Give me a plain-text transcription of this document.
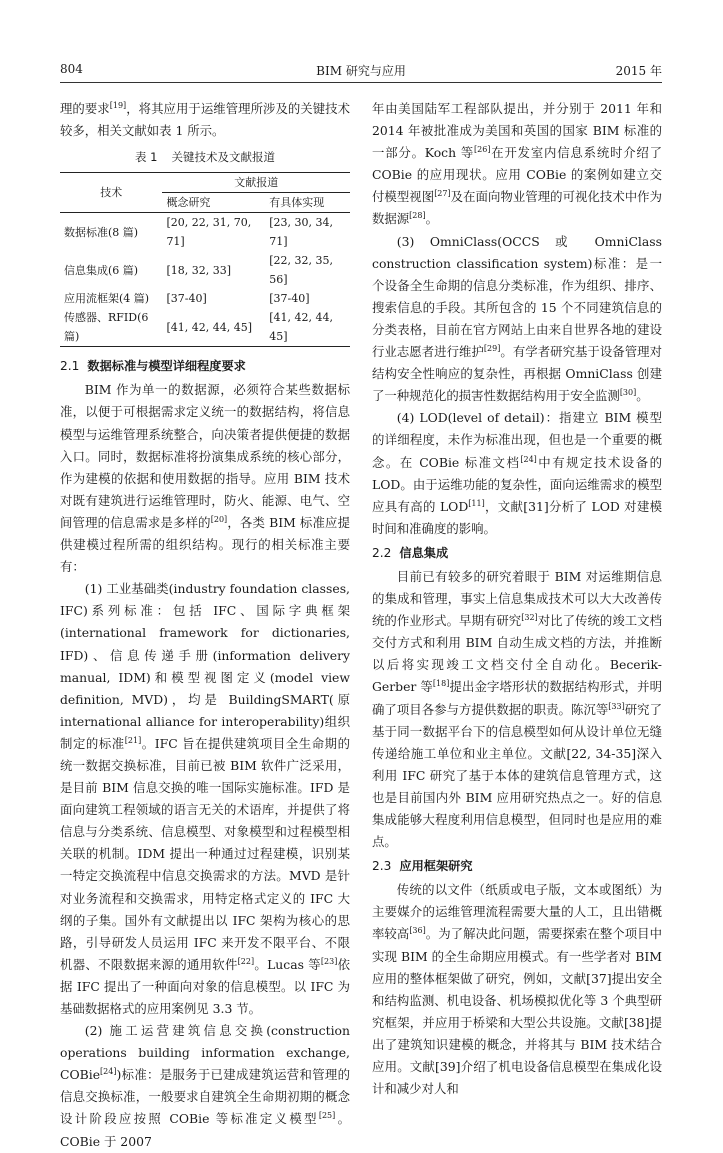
804	BIM 研究与应用	2015 年

理的要求[19]，将其应用于运维管理所涉及的关键技术较多，相关文献如表 1 所示。

表 1 关键技术及文献报道
技术	文献报道	
	概念研究	有具体实现
数据标准(8 篇)	[20, 22, 31, 70, 71]	[23, 30, 34, 71]
信息集成(6 篇)	[18, 32, 33]	[22, 32, 35, 56]
应用流框架(4 篇)	[37-40]	[37-40]
传感器、RFID(6 篇)	[41, 42, 44, 45]	[41, 42, 44, 45]
2.1 数据标准与模型详细程度要求

BIM 作为单一的数据源，必须符合某些数据标准，以便于可根据需求定义统一的数据结构，将信息模型与运维管理系统整合，向决策者提供便捷的数据入口。同时，数据标准将扮演集成系统的核心部分，作为建模的依据和使用数据的指导。应用 BIM 技术对既有建筑进行运维管理时，防火、能源、电气、空间管理的信息需求是多样的[20]，各类 BIM 标准应提供建模过程所需的组织结构。现行的相关标准主要有：

(1) 工业基础类(industry foundation classes, IFC)系列标准：包括 IFC、国际字典框架(international framework for dictionaries, IFD)、信息传递手册(information delivery manual, IDM)和模型视图定义(model view definition, MVD)，均是 BuildingSMART(原 international alliance for interoperability)组织制定的标准[21]。IFC 旨在提供建筑项目全生命期的统一数据交换标准，目前已被 BIM 软件广泛采用，是目前 BIM 信息交换的唯一国际实施标准。IFD 是面向建筑工程领域的语言无关的术语库，并提供了将信息与分类系统、信息模型、对象模型和过程模型相关联的机制。IDM 提出一种通过过程建模，识别某一特定交换流程中信息交换需求的方法。MVD 是针对业务流程和交换需求，用特定格式定义的 IFC 大纲的子集。国外有文献提出以 IFC 架构为核心的思路，引导研发人员运用 IFC 来开发不限平台、不限机器、不限数据来源的通用软件[22]。Lucas 等[23]依据 IFC 提出了一种面向对象的信息模型。以 IFC 为基础数据格式的应用案例见 3.3 节。

(2) 施工运营建筑信息交换(construction operations building information exchange, COBie[24])标准：是服务于已建成建筑运营和管理的信息交换标准，一般要求自建筑全生命期初期的概念设计阶段应按照 COBie 等标准定义模型[25]。COBie 于 2007

年由美国陆军工程部队提出，并分别于 2011 年和 2014 年被批准成为美国和英国的国家 BIM 标准的一部分。Koch 等[26]在开发室内信息系统时介绍了 COBie 的应用现状。应用 COBie 的案例如建立交付模型视图[27]及在面向物业管理的可视化技术中作为数据源[28]。

(3) OmniClass(OCCS 或 OmniClass construction classification system)标准：是一个设备全生命期的信息分类标准，作为组织、排序、搜索信息的手段。其所包含的 15 个不同建筑信息的分类表格，目前在官方网站上由来自世界各地的建设行业志愿者进行维护[29]。有学者研究基于设备管理对结构安全性响应的复杂性，再根据 OmniClass 创建了一种规范化的损害性数据结构用于安全监测[30]。

(4) LOD(level of detail)：指建立 BIM 模型的详细程度，未作为标准出现，但也是一个重要的概念。在 COBie 标准文档[24]中有规定技术设备的 LOD。由于运维功能的复杂性，面向运维需求的模型应具有高的 LOD[11]，文献[31]分析了 LOD 对建模时间和准确度的影响。

2.2 信息集成

目前已有较多的研究着眼于 BIM 对运维期信息的集成和管理，事实上信息集成技术可以大大改善传统的作业形式。早期有研究[32]对比了传统的竣工文档交付方式和利用 BIM 自动生成文档的方法，并推断以后将实现竣工文档交付全自动化。Becerik-Gerber 等[18]提出金字塔形状的数据结构形式，并明确了项目各参与方提供数据的职责。陈沉等[33]研究了基于同一数据平台下的信息模型如何从设计单位无缝传递给施工单位和业主单位。文献[22, 34-35]深入利用 IFC 研究了基于本体的建筑信息管理方式，这也是目前国内外 BIM 应用研究热点之一。好的信息集成能够大程度利用信息模型，但同时也是应用的难点。

2.3 应用框架研究

传统的以文件（纸质或电子版，文本或图纸）为主要媒介的运维管理流程需要大量的人工，且出错概率较高[36]。为了解决此问题，需要探索在整个项目中实现 BIM 的全生命期应用模式。有一些学者对 BIM 应用的整体框架做了研究，例如，文献[37]提出安全和结构监测、机电设备、机场模拟优化等 3 个典型研究框架，并应用于桥梁和大型公共设施。文献[38]提出了建筑知识建模的概念，并将其与 BIM 技术结合应用。文献[39]介绍了机电设备信息模型在集成化设计和减少对人和
